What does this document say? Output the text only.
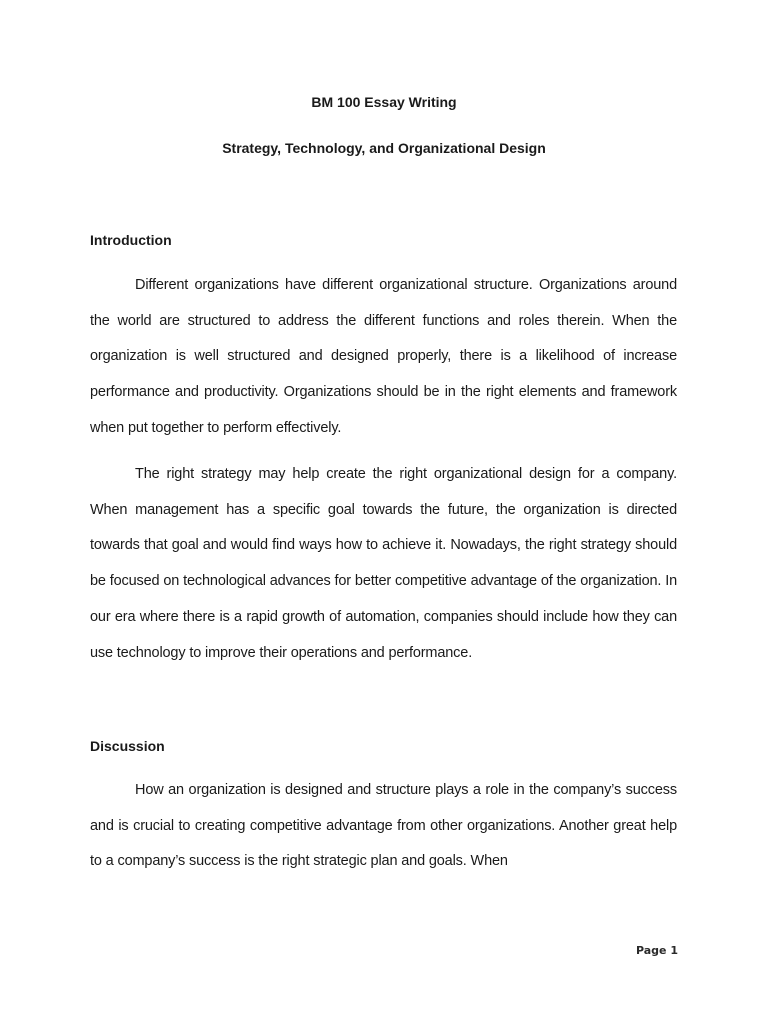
BM 100 Essay Writing
Strategy, Technology, and Organizational Design
Introduction

Different organizations have different organizational structure. Organizations around the world are structured to address the different functions and roles therein. When the organization is well structured and designed properly, there is a likelihood of increase performance and productivity. Organizations should be in the right elements and framework when put together to perform effectively.

The right strategy may help create the right organizational design for a company. When management has a specific goal towards the future, the organization is directed towards that goal and would find ways how to achieve it. Nowadays, the right strategy should be focused on technological advances for better competitive advantage of the organization. In our era where there is a rapid growth of automation, companies should include how they can use technology to improve their operations and performance.

Discussion

How an organization is designed and structure plays a role in the company’s success and is crucial to creating competitive advantage from other organizations. Another great help to a company’s success is the right strategic plan and goals. When

Page 1
